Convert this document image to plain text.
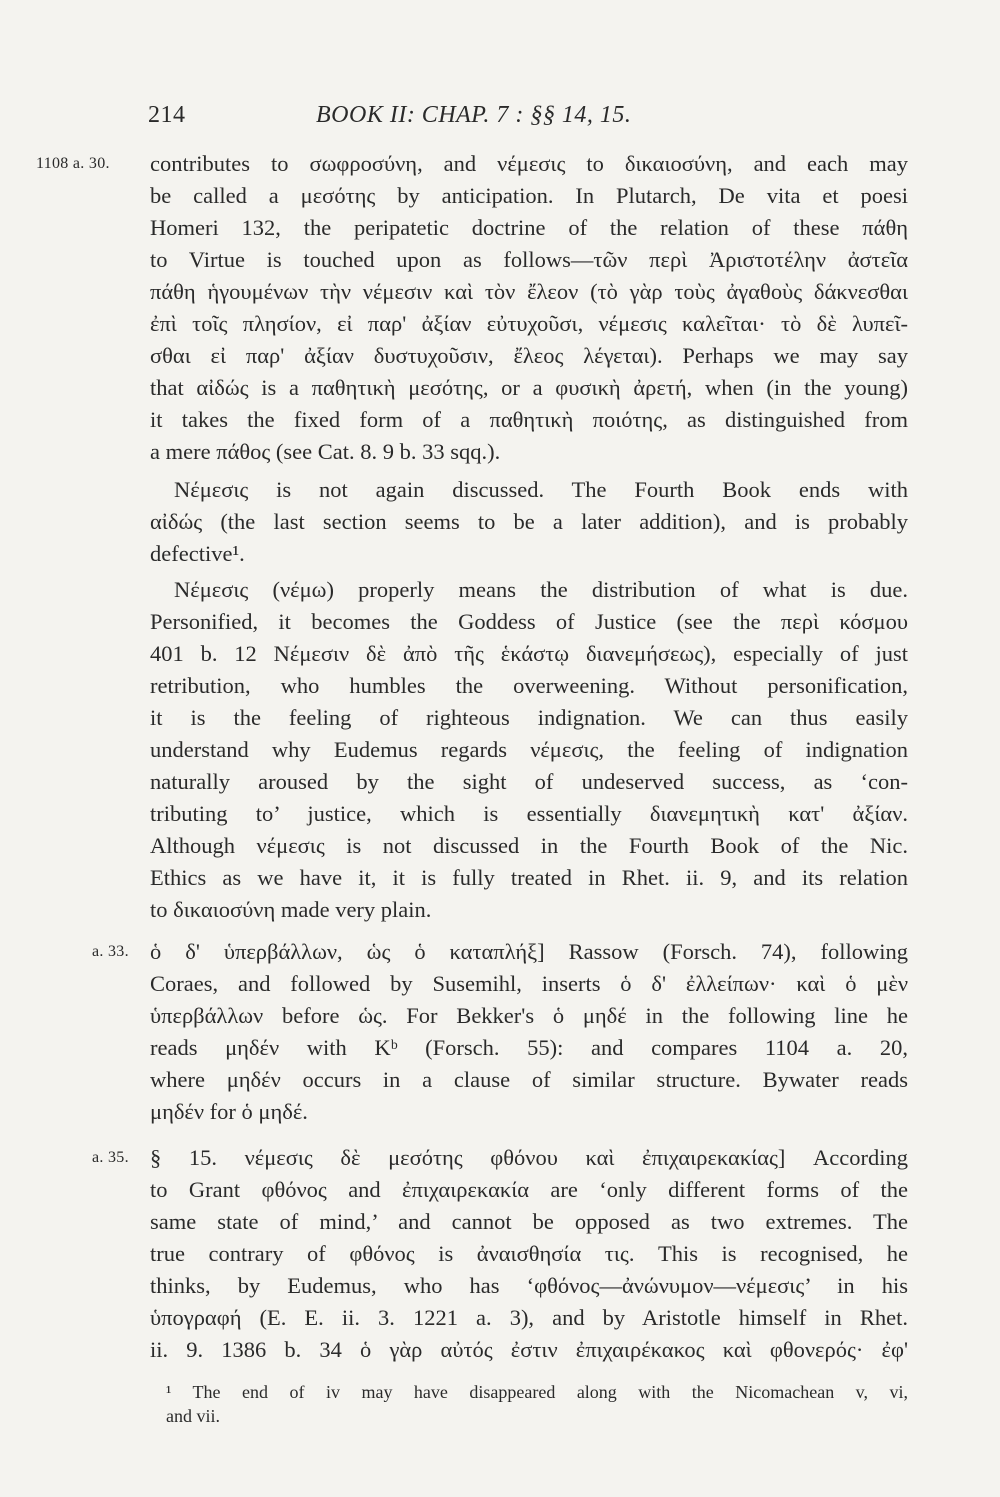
214	BOOK II: CHAP. 7 : §§ 14, 15.
1108 a. 30. contributes to σωφροσύνη, and νέμεσις to δικαιοσύνη, and each may
be called a μεσότης by anticipation. In Plutarch, De vita et poesi
Homeri 132, the peripatetic doctrine of the relation of these πάθη
to Virtue is touched upon as follows—τῶν περὶ Ἀριστοτέλην ἀστεῖα
πάθη ἡγουμένων τὴν νέμεσιν καὶ τὸν ἔλεον (τὸ γὰρ τοὺς ἀγαθοὺς δάκνεσθαι
ἐπὶ τοῖς πλησίον, εἰ παρ' ἀξίαν εὐτυχοῦσι, νέμεσις καλεῖται· τὸ δὲ λυπεῖ-
σθαι εἰ παρ' ἀξίαν δυστυχοῦσιν, ἔλεος λέγεται). Perhaps we may say
that αἰδώς is a παθητικὴ μεσότης, or a φυσικὴ ἀρετή, when (in the young)
it takes the fixed form of a παθητικὴ ποιότης, as distinguished from
a mere πάθος (see Cat. 8. 9 b. 33 sqq.).
Νέμεσις is not again discussed. The Fourth Book ends with
αἰδώς (the last section seems to be a later addition), and is probably
defective¹.
Νέμεσις (νέμω) properly means the distribution of what is due.
Personified, it becomes the Goddess of Justice (see the περὶ κόσμου
401 b. 12 Νέμεσιν δὲ ἀπὸ τῆς ἑκάστῳ διανεμήσεως), especially of just
retribution, who humbles the overweening. Without personification,
it is the feeling of righteous indignation. We can thus easily
understand why Eudemus regards νέμεσις, the feeling of indignation
naturally aroused by the sight of undeserved success, as ‘con-
tributing to’ justice, which is essentially διανεμητικὴ κατ' ἀξίαν.
Although νέμεσις is not discussed in the Fourth Book of the Nic.
Ethics as we have it, it is fully treated in Rhet. ii. 9, and its relation
to δικαιοσύνη made very plain.
a. 33. ὁ δ' ὑπερβάλλων, ὡς ὁ καταπλήξ] Rassow (Forsch. 74), following
Coraes, and followed by Susemihl, inserts ὁ δ' ἐλλείπων· καὶ ὁ μὲν
ὑπερβάλλων before ὡς. For Bekker's ὁ μηδέ in the following line he
reads μηδέν with Kᵇ (Forsch. 55): and compares 1104 a. 20,
where μηδέν occurs in a clause of similar structure. Bywater reads
μηδέν for ὁ μηδέ.
a. 35. § 15. νέμεσις δὲ μεσότης φθόνου καὶ ἐπιχαιρεκακίας] According
to Grant φθόνος and ἐπιχαιρεκακία are ‘only different forms of the
same state of mind,’ and cannot be opposed as two extremes. The
true contrary of φθόνος is ἀναισθησία τις. This is recognised, he
thinks, by Eudemus, who has ‘φθόνος—ἀνώνυμον—νέμεσις’ in his
ὑπογραφή (E. E. ii. 3. 1221 a. 3), and by Aristotle himself in Rhet.
ii. 9. 1386 b. 34 ὁ γὰρ αὐτός ἐστιν ἐπιχαιρέκακος καὶ φθονερός· ἐφ'
¹ The end of iv may have disappeared along with the Nicomachean v, vi,
and vii.
